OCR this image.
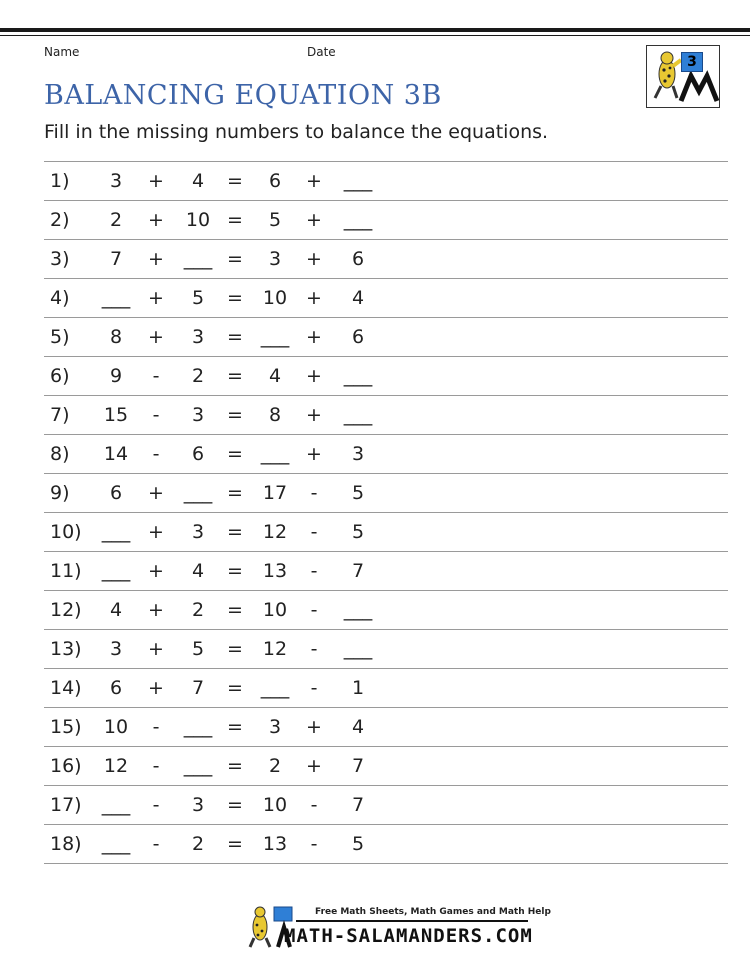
Name	Date
BALANCING EQUATION 3B
Fill in the missing numbers to balance the equations.
3
1)	3	+	4	=	6	+ ___
2)	2	+	10 =	5	+ ___
3)	7	+	___ =	3	+	6
4)	___ +	5	=	10 +	4
5)	8	+	3	= ___ +	6
6)	9	-	2	=	4	+ ___
7)	15	-	3	=	8	+ ___
8)	14	-	6	= ___ +	3
9)	6	+	___ =	17	-	5
10)	___ +	3	=	12	-	5
11)	___ +	4	=	13	-	7
12)	4	+	2	=	10	-	___
13)	3	+	5	=	12	-	___
14)	6	+	7	= ___	-	1
15)	10	-	___ =	3	+	4
16)	12	-	___ =	2	+	7
17)	___	-	3	=	10	-	7
18)	___	-	2	=	13	-	5
Free Math Sheets, Math Games and Math Help
MATH-SALAMANDERS.COM
